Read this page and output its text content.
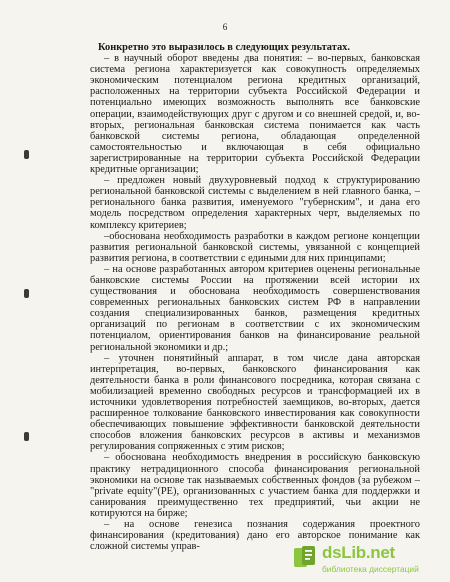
6

Конкретно это выразилось в следующих результатах.

– в научный оборот введены два понятия: – во-первых, банковская система региона характеризуется как совокупность определяемых экономическим потенциалом региона кредитных организаций, расположенных на территории субъекта Российской Федерации и потенциально имеющих возможность выполнять все банковские операции, взаимодействующих друг с другом и со внешней средой, и, во-вторых, региональная банковская система понимается как часть банковской системы региона, обладающая определенной самостоятельностью и включающая в себя официально зарегистрированные на территории субъекта Российской Федерации кредитные организации;

– предложен новый двухуровневый подход к структурированию региональной банковской системы с выделением в ней главного банка, – регионального банка развития, именуемого "губернским", и дана его модель посредством определения характерных черт, выделяемых по комплексу критериев;

–обоснована необходимость разработки в каждом регионе концепции развития региональной банковской системы, увязанной с концепцией развития региона, в соответствии с едиными для них принципами;

– на основе разработанных автором критериев оценены региональные банковские системы России на протяжении всей истории их существования и обоснована необходимость совершенствования современных региональных банковских систем РФ в направлении создания специализированных банков, размещения кредитных организаций по регионам в соответствии с их экономическим потенциалом, ориентирования банков на финансирование реальной региональной экономики и др.;

– уточнен понятийный аппарат, в том числе дана авторская интерпретация, во-первых, банковского финансирования как деятельности банка в роли финансового посредника, которая связана с мобилизацией временно свободных ресурсов и трансформацией их в источники удовлетворения потребностей заемщиков, во-вторых, дается расширенное толкование банковского инвестирования как совокупности обеспечивающих повышение эффективности банковской деятельности способов вложения банковских ресурсов в активы и механизмов регулирования сопряженных с этим рисков;

– обоснована необходимость внедрения в российскую банковскую практику нетрадиционного способа финансирования региональной экономики на основе так называемых собственных фондов (за рубежом – "private equity"(PE), организованных с участием банка для поддержки и санирования преимущественно тех предприятий, чьи акции не котируются на бирже;

– на основе генезиса познания содержания проектного финансирования (кредитования) дано его авторское понимание как сложной системы управ-	dsLib.net
библиотека диссертаций
